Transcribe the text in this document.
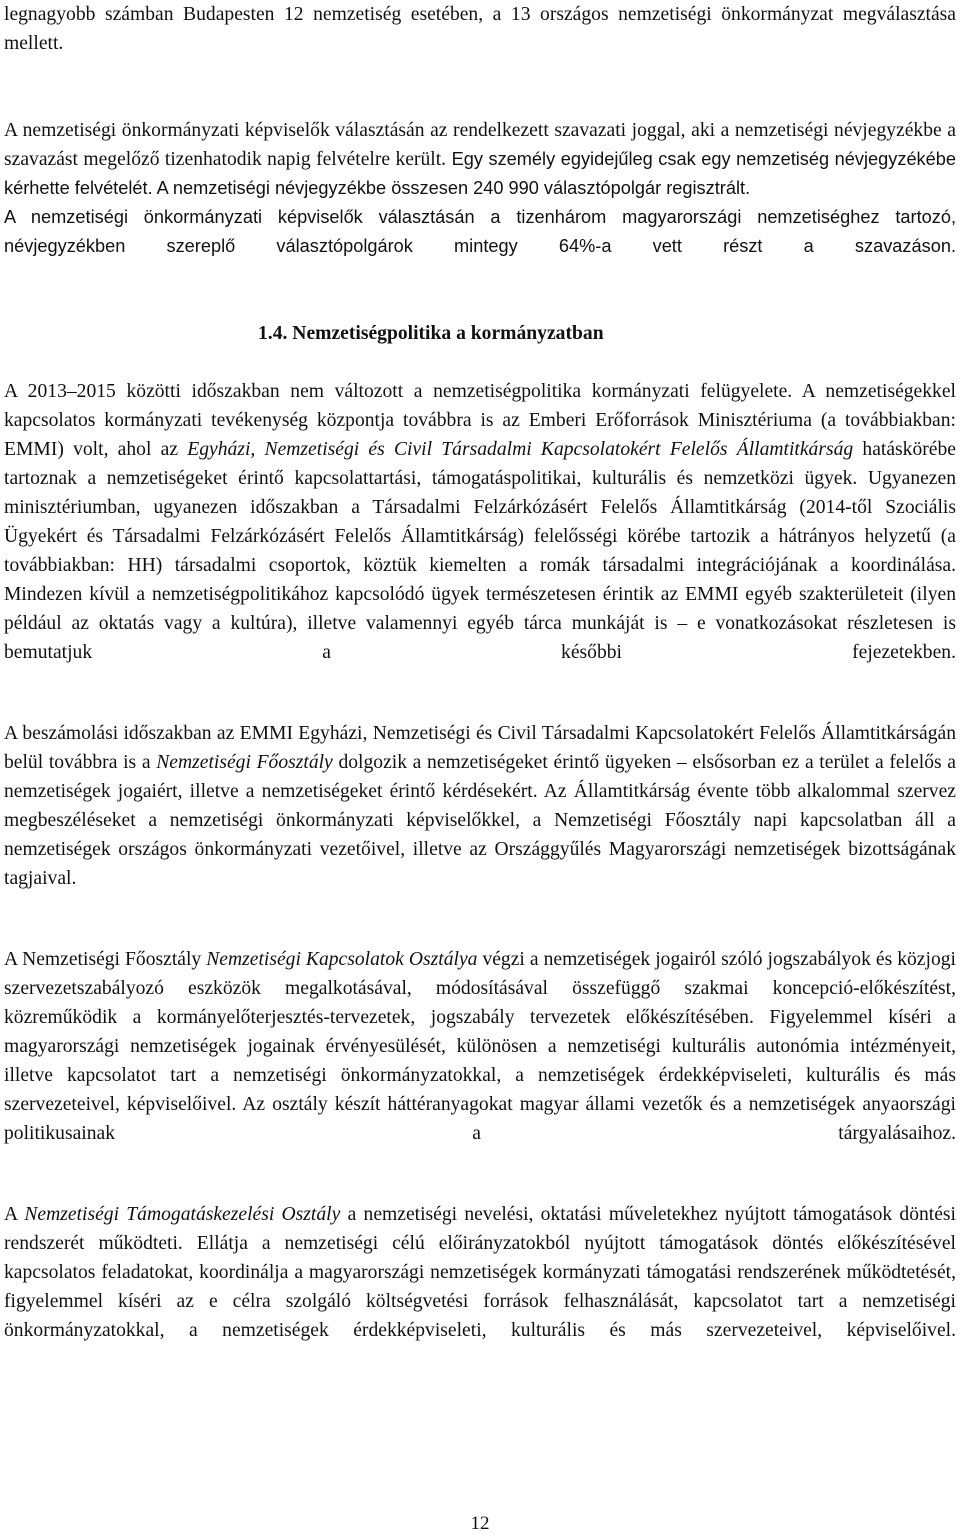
legnagyobb számban Budapesten 12 nemzetiség esetében, a 13 országos nemzetiségi önkormányzat megválasztása mellett.

A nemzetiségi önkormányzati képviselők választásán az rendelkezett szavazati joggal, aki a nemzetiségi névjegyzékbe a szavazást megelőző tizenhatodik napig felvételre került. Egy személy egyidejűleg csak egy nemzetiség névjegyzékébe kérhette felvételét. A nemzetiségi névjegyzékbe összesen 240 990 választópolgár regisztrált.

A nemzetiségi önkormányzati képviselők választásán a tizenhárom magyarországi nemzetiséghez tartozó, névjegyzékben szereplő választópolgárok mintegy 64%-a vett részt a szavazáson.

1.4. Nemzetiségpolitika a kormányzatban

A 2013–2015 közötti időszakban nem változott a nemzetiségpolitika kormányzati felügyelete. A nemzetiségekkel kapcsolatos kormányzati tevékenység központja továbbra is az Emberi Erőforrások Minisztériuma (a továbbiakban: EMMI) volt, ahol az Egyházi, Nemzetiségi és Civil Társadalmi Kapcsolatokért Felelős Államtitkárság hatáskörébe tartoznak a nemzetiségeket érintő kapcsolattartási, támogatáspolitikai, kulturális és nemzetközi ügyek. Ugyanezen minisztériumban, ugyanezen időszakban a Társadalmi Felzárkózásért Felelős Államtitkárság (2014-től Szociális Ügyekért és Társadalmi Felzárkózásért Felelős Államtitkárság) felelősségi körébe tartozik a hátrányos helyzetű (a továbbiakban: HH) társadalmi csoportok, köztük kiemelten a romák társadalmi integrációjának a koordinálása. Mindezen kívül a nemzetiségpolitikához kapcsolódó ügyek természetesen érintik az EMMI egyéb szakterületeit (ilyen például az oktatás vagy a kultúra), illetve valamennyi egyéb tárca munkáját is – e vonatkozásokat részletesen is bemutatjuk a későbbi fejezetekben.

A beszámolási időszakban az EMMI Egyházi, Nemzetiségi és Civil Társadalmi Kapcsolatokért Felelős Államtitkárságán belül továbbra is a Nemzetiségi Főosztály dolgozik a nemzetiségeket érintő ügyeken – elsősorban ez a terület a felelős a nemzetiségek jogaiért, illetve a nemzetiségeket érintő kérdésekért. Az Államtitkárság évente több alkalommal szervez megbeszéléseket a nemzetiségi önkormányzati képviselőkkel, a Nemzetiségi Főosztály napi kapcsolatban áll a nemzetiségek országos önkormányzati vezetőivel, illetve az Országgyűlés Magyarországi nemzetiségek bizottságának tagjaival.

A Nemzetiségi Főosztály Nemzetiségi Kapcsolatok Osztálya végzi a nemzetiségek jogairól szóló jogszabályok és közjogi szervezetszabályozó eszközök megalkotásával, módosításával összefüggő szakmai koncepció-előkészítést, közreműködik a kormányelőterjesztés-tervezetek, jogszabály tervezetek előkészítésében. Figyelemmel kíséri a magyarországi nemzetiségek jogainak érvényesülését, különösen a nemzetiségi kulturális autonómia intézményeit, illetve kapcsolatot tart a nemzetiségi önkormányzatokkal, a nemzetiségek érdekképviseleti, kulturális és más szervezeteivel, képviselőivel. Az osztály készít háttéranyagokat magyar állami vezetők és a nemzetiségek anyaországi politikusainak a tárgyalásaihoz.

A Nemzetiségi Támogatáskezelési Osztály a nemzetiségi nevelési, oktatási műveletekhez nyújtott támogatások döntési rendszerét működteti. Ellátja a nemzetiségi célú előirányzatokból nyújtott támogatások döntés előkészítésével kapcsolatos feladatokat, koordinálja a magyarországi nemzetiségek kormányzati támogatási rendszerének működtetését, figyelemmel kíséri az e célra szolgáló költségvetési források felhasználását, kapcsolatot tart a nemzetiségi önkormányzatokkal, a nemzetiségek érdekképviseleti, kulturális és más szervezeteivel, képviselőivel.

12
